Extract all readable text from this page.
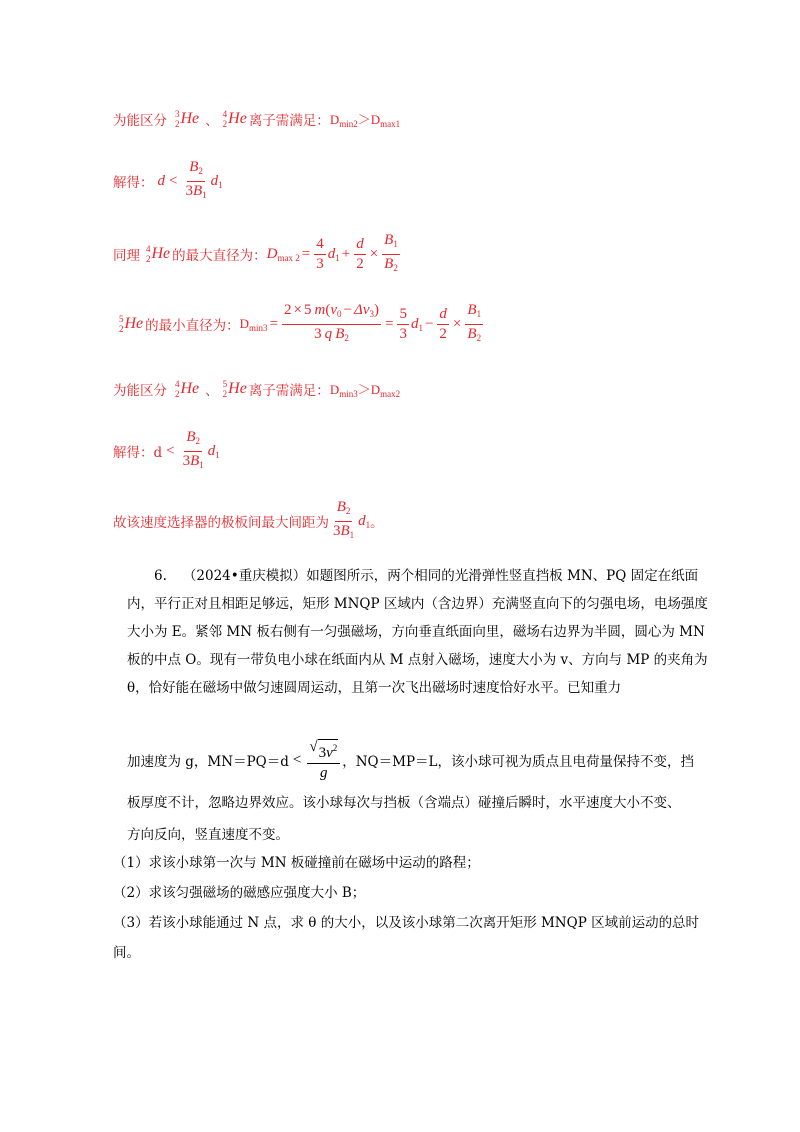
为能区分 3
2 He 、 4
2 He 离子需满足： $D_{min2}>D_{max1}$
解得： $d < \frac{B_2}{3B_1} d_1$
同理 4
2 He 的最大直径为： $D_{max 2} = \frac{4}{3} d_1 + \frac{d}{2} \times \frac{B_1}{B_2}$
5
2 He 的最小直径为： $D_{min3} = \frac{2 \times 5 m(v_0 - \Delta v_3)}{3 q B_2} = \frac{5}{3} d_1 - \frac{d}{2} \times \frac{B_1}{B_2}$
为能区分 4
2 He 、 5
2 He 离子需满足： $D_{min3}>D_{max2}$
解得：$d < \frac{B_2}{3B_1} d_1$
故该速度选择器的极板间最大间距为 $\frac{B_2}{3B_1} d_1$ 。
6. （2024•重庆模拟）如题图所示，两个相同的光滑弹性竖直挡板 MN、PQ 固定在纸面内，平行正对且相距足够远，矩形 MNQP 区域内（含边界）充满竖直向下的匀强电场，电场强度大小为 E。紧邻 MN 板右侧有一匀强磁场，方向垂直纸面向里，磁场右边界为半圆，圆心为 MN 板的中点 O。现有一带负电小球在纸面内从 M 点射入磁场，速度大小为 v、方向与 MP 的夹角为 θ，恰好能在磁场中做匀速圆周运动，且第一次飞出磁场时速度恰好水平。已知重力
加速度为 g，$MN=PQ=d < \frac{√ 3v^2}{g}$ ，NQ＝MP＝L，该小球可视为质点且电荷量保持不变，挡
板厚度不计，忽略边界效应。该小球每次与挡板（含端点）碰撞后瞬时，水平速度大小不变、
方向反向，竖直速度不变。
（1）求该小球第一次与 MN 板碰撞前在磁场中运动的路程；
（2）求该匀强磁场的磁感应强度大小 B；
（3）若该小球能通过 N 点，求 θ 的大小，以及该小球第二次离开矩形 MNQP 区域前运动的总时
间。
